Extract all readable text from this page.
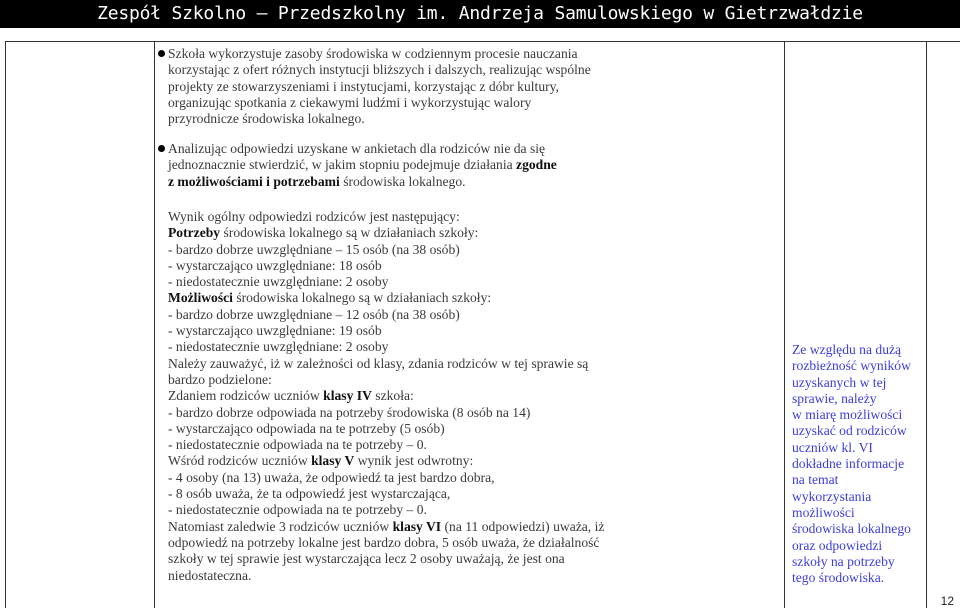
Zespół Szkolno – Przedszkolny im. Andrzeja Samulowskiego w Gietrzwałdzie
Szkoła wykorzystuje zasoby środowiska w codziennym procesie nauczania
korzystając z ofert różnych instytucji bliższych i dalszych, realizując wspólne
projekty ze stowarzyszeniami i instytucjami, korzystając z dóbr kultury,
organizując spotkania z ciekawymi ludźmi i wykorzystując walory
przyrodnicze środowiska lokalnego.
Analizując odpowiedzi uzyskane w ankietach dla rodziców nie da się
jednoznacznie stwierdzić, w jakim stopniu podejmuje działania zgodne
z możliwościami i potrzebami środowiska lokalnego.
Wynik ogólny odpowiedzi rodziców jest następujący:
Potrzeby środowiska lokalnego są w działaniach szkoły:
- bardzo dobrze uwzględniane – 15 osób (na 38 osób)
- wystarczająco uwzględniane: 18 osób
- niedostatecznie uwzględniane: 2 osoby
Możliwości środowiska lokalnego są w działaniach szkoły:
- bardzo dobrze uwzględniane – 12 osób (na 38 osób)
- wystarczająco uwzględniane: 19 osób
- niedostatecznie uwzględniane: 2 osoby
Należy zauważyć, iż w zależności od klasy, zdania rodziców w tej sprawie są
bardzo podzielone:
Zdaniem rodziców uczniów klasy IV szkoła:
- bardzo dobrze odpowiada na potrzeby środowiska (8 osób na 14)
- wystarczająco odpowiada na te potrzeby (5 osób)
- niedostatecznie odpowiada na te potrzeby – 0.
Wśród rodziców uczniów klasy V wynik jest odwrotny:
- 4 osoby (na 13) uważa, że odpowiedź ta jest bardzo dobra,
- 8 osób uważa, że ta odpowiedź jest wystarczająca,
- niedostatecznie odpowiada na te potrzeby – 0.
Natomiast zaledwie 3 rodziców uczniów klasy VI (na 11 odpowiedzi) uważa, iż
odpowiedź na potrzeby lokalne jest bardzo dobra, 5 osób uważa, że działalność
szkoły w tej sprawie jest wystarczająca lecz 2 osoby uważają, że jest ona
niedostateczna.
Ze względu na dużą
rozbieżność wyników
uzyskanych w tej
sprawie, należy
w miarę możliwości
uzyskać od rodziców
uczniów kl. VI
dokładne informacje
na temat
wykorzystania
możliwości
środowiska lokalnego
oraz odpowiedzi
szkoły na potrzeby
tego środowiska.
12
